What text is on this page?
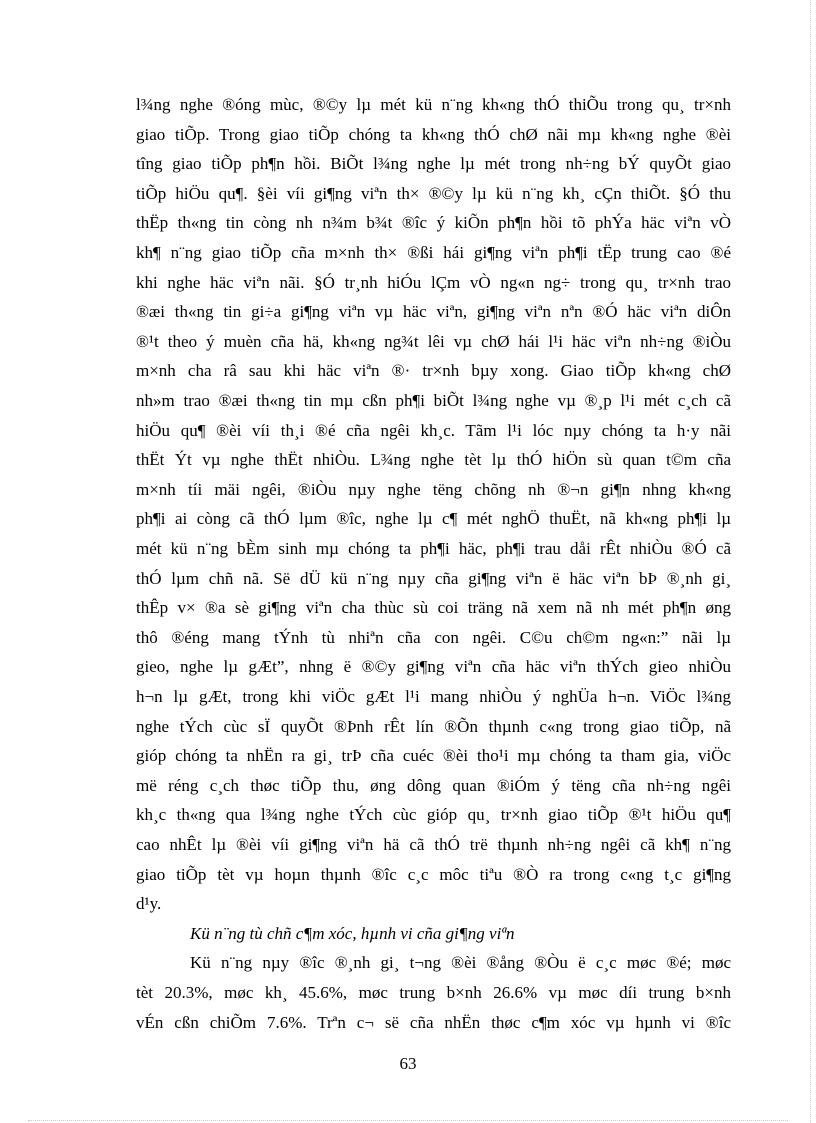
l¾ng nghe ®óng mùc, ®©y lµ mét kü n¨ng kh«ng thÓ thiÕu trong qu¸ tr×nh
giao tiÕp. Trong giao tiÕp chóng ta kh«ng thÓ chØ nãi mµ kh«ng nghe ®èi
tîng giao tiÕp ph¶n hồi. BiÕt l¾ng nghe lµ mét trong nh÷ng bÝ quyÕt giao
tiÕp hiÖu qu¶. §èi víi gi¶ng viªn th× ®©y lµ kü n¨ng kh¸ cÇn thiÕt. §Ó thu
thËp th«ng tin còng nh n¾m b¾t ®îc ý kiÕn ph¶n hồi tõ phÝa häc viªn vÒ
kh¶ n¨ng giao tiÕp cña m×nh th× ®ßi hái gi¶ng viªn ph¶i tËp trung cao ®é
khi nghe häc viªn nãi. §Ó tr¸nh hiÓu lÇm vÒ ng«n ng÷ trong qu¸ tr×nh trao
®æi th«ng tin gi÷a gi¶ng viªn vµ häc viªn, gi¶ng viªn nªn ®Ó häc viªn diÔn
®¹t theo ý muèn cña hä, kh«ng ng¾t lêi vµ chØ hái l¹i häc viªn nh÷ng ®iÒu
m×nh cha râ sau khi häc viªn ®· tr×nh bµy xong. Giao tiÕp kh«ng chØ
nh»m trao ®æi th«ng tin mµ cßn ph¶i biÕt l¾ng nghe vµ ®¸p l¹i mét c¸ch cã
hiÖu qu¶ ®èi víi th¸i ®é cña ngêi kh¸c. Tãm l¹i lóc nµy chóng ta h·y nãi
thËt Ýt vµ nghe thËt nhiÒu. L¾ng nghe tèt lµ thÓ hiÖn sù quan t©m cña
m×nh tíi mäi ngêi, ®iÒu nµy nghe tëng chõng nh ®¬n gi¶n nhng kh«ng
ph¶i ai còng cã thÓ lµm ®îc, nghe lµ c¶ mét nghÖ thuËt, nã kh«ng ph¶i lµ
mét kü n¨ng bÈm sinh mµ chóng ta ph¶i häc, ph¶i trau dåi rÊt nhiÒu ®Ó cã
thÓ lµm chñ nã. Së dÜ kü n¨ng nµy cña gi¶ng viªn ë häc viªn bÞ ®¸nh gi¸
thÊp v× ®a sè gi¶ng viªn cha thùc sù coi träng nã xem nã nh mét ph¶n øng
thô ®éng mang tÝnh tù nhiªn cña con ngêi. C©u ch©m ng«n:” nãi lµ
gieo, nghe lµ gÆt”, nhng ë ®©y gi¶ng viªn cña häc viªn thÝch gieo nhiÒu
h¬n lµ gÆt, trong khi viÖc gÆt l¹i mang nhiÒu ý nghÜa h¬n. ViÖc l¾ng
nghe tÝch cùc sÏ quyÕt ®Þnh rÊt lín ®Õn thµnh c«ng trong giao tiÕp, nã
gióp chóng ta nhËn ra gi¸ trÞ cña cuéc ®èi tho¹i mµ chóng ta tham gia, viÖc
më réng c¸ch thøc tiÕp thu, øng dông quan ®iÓm ý tëng cña nh÷ng ngêi
kh¸c th«ng qua l¾ng nghe tÝch cùc gióp qu¸ tr×nh giao tiÕp ®¹t hiÖu qu¶
cao nhÊt lµ ®èi víi gi¶ng viªn hä cã thÓ trë thµnh nh÷ng ngêi cã kh¶ n¨ng
giao tiÕp tèt vµ hoµn thµnh ®îc c¸c môc tiªu ®Ò ra trong c«ng t¸c gi¶ng
d¹y.
Kü n¨ng tù chñ c¶m xóc, hµnh vi cña gi¶ng viªn
Kü n¨ng nµy ®îc ®¸nh gi¸ t¬ng ®èi ®ång ®Òu ë c¸c møc ®é; møc
tèt 20.3%, møc kh¸ 45.6%, møc trung b×nh 26.6% vµ møc díi trung b×nh
vÉn cßn chiÕm 7.6%. Trªn c¬ së cña nhËn thøc c¶m xóc vµ hµnh vi ®îc
63
